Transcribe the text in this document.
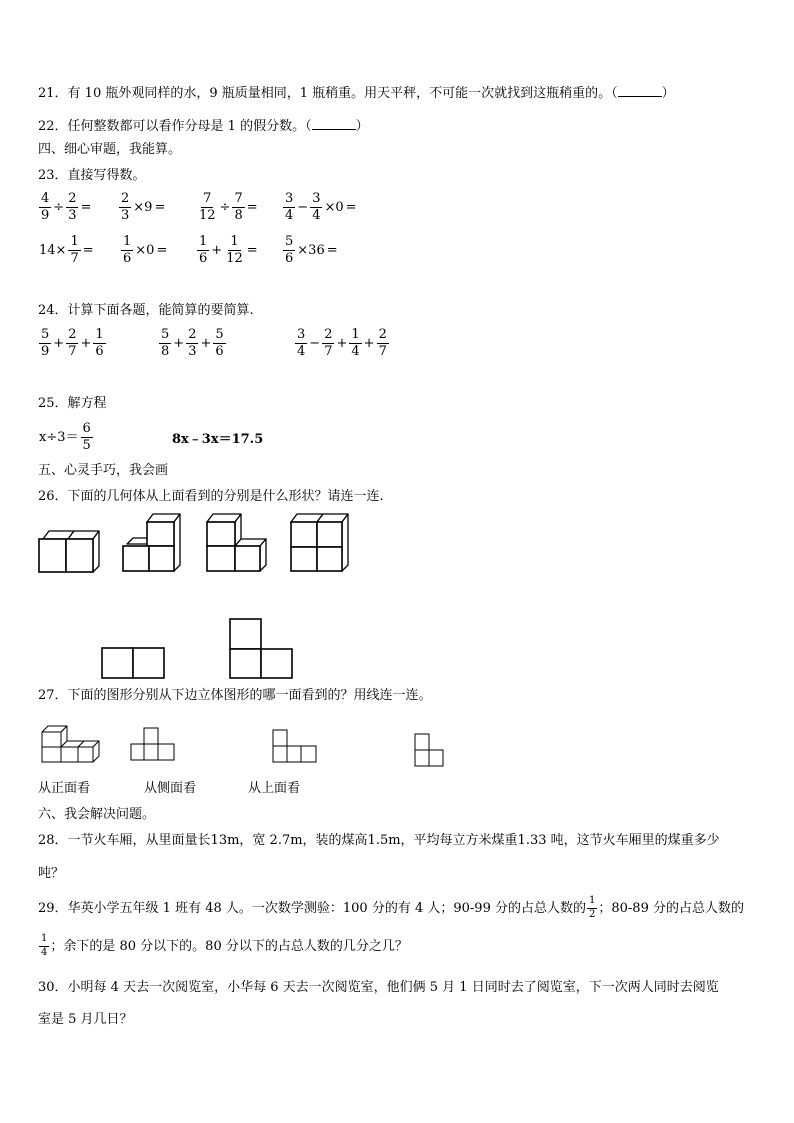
21．有 10 瓶外观同样的水，9 瓶质量相同，1 瓶稍重。用天平秤，不可能一次就找到这瓶稍重的。（	）
22．任何整数都可以看作分母是 1 的假分数。（	）
四、细心审题，我能算。
23．直接写得数。
$\frac{4}{9} \div \frac{2}{3} = \frac{2}{3} \times 9 = \frac{7}{12} \div \frac{7}{8} = \frac{3}{4} - \frac{3}{4} \times 0$ =
$14\times \frac{1}{7} = \frac{1}{6} \times 0 = \frac{1}{6} + \frac{1}{12} = \frac{5}{6} \times 36$ =
24．计算下面各题，能简算的要简算.
$\frac{5}{9} + \frac{2}{7} + \frac{1}{6}$	$\frac{5}{8} + \frac{2}{3} + \frac{5}{6}$	$\frac{3}{4} - \frac{2}{7} + \frac{1}{4} + \frac{2}{7}$
25．解方程
$x\div 3= \frac{6}{5}$	8x﹣3x＝17.5
五、心灵手巧，我会画
26．下面的几何体从上面看到的分别是什么形状？请连一连.
27．下面的图形分别从下边立体图形的哪一面看到的？用线连一连。
从正面看	从侧面看	从上面看
六、我会解决问题。
28．一节火车厢，从里面量长13m，宽 2.7m，装的煤高1.5m，平均每立方米煤重1.33 吨，这节火车厢里的煤重多少
吨？
29． 华英小学五年级 1 班有 48 人。一次数学测验：100 分的有 4 人；90-99 分的占总人数的 $\frac{1}{2}$ ；80-89 分的占总人数的
$\frac{1}{4}$ ；余下的是 80 分以下的。80 分以下的占总人数的几分之几？
30．小明每 4 天去一次阅览室，小华每 6 天去一次阅览室，他们俩 5 月 1 日同时去了阅览室，下一次两人同时去阅览
室是 5 月几日？
